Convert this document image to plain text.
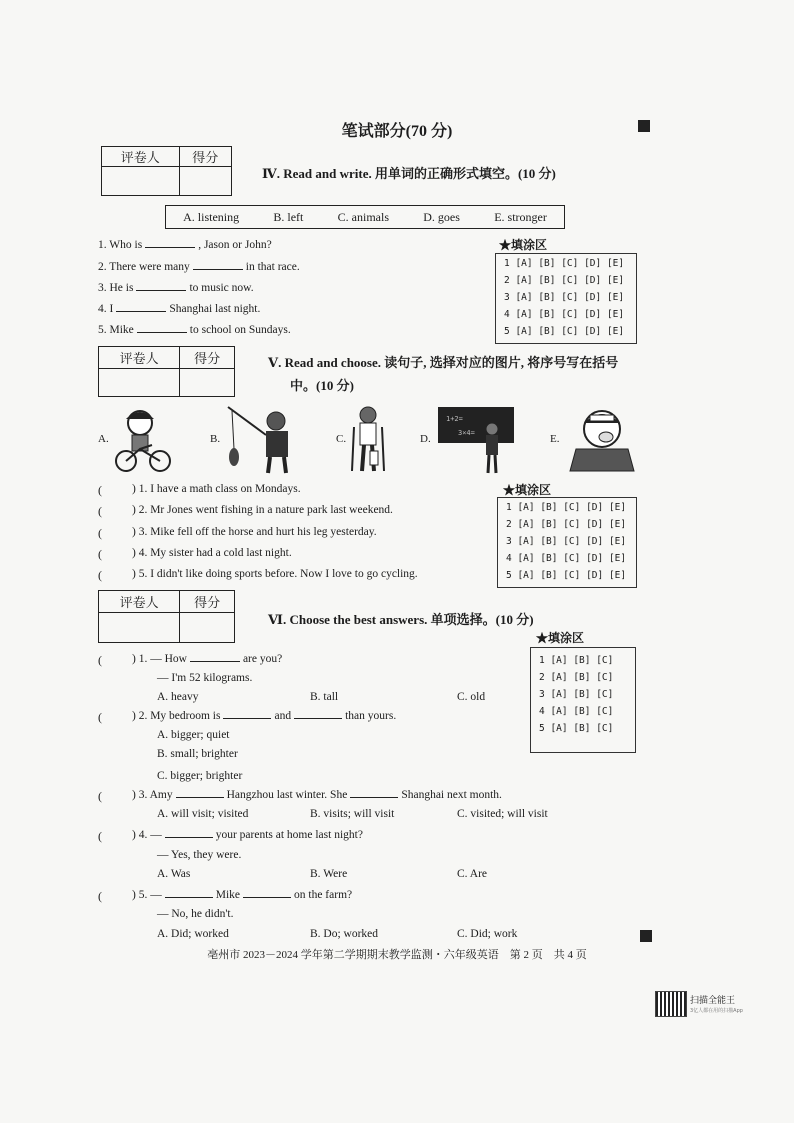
笔试部分(70 分)
评卷人	得分

Ⅳ. Read and write. 用单词的正确形式填空。(10 分)
A. listening	B. left	C. animals	D. goes	E. stronger
1. Who is	, Jason or John?
2. There were many	in that race.
3. He is	to music now.
4. I	Shanghai last night.
5. Mike	to school on Sundays.
★填涂区
1 [A] [B] [C] [D] [E]
2 [A] [B] [C] [D] [E]
3 [A] [B] [C] [D] [E]
4 [A] [B] [C] [D] [E]
5 [A] [B] [C] [D] [E]
评卷人	得分
		Ⅴ. Read and choose. 读句子, 选择对应的图片, 将序号写在括号
中。(10 分)
A.	B.	C.	D.
1+2=
3×4=	E.
(	) 1. I have a math class on Mondays.
(	) 2. Mr Jones went fishing in a nature park last weekend.
(	) 3. Mike fell off the horse and hurt his leg yesterday.
(	) 4. My sister had a cold last night.
(	) 5. I didn't like doing sports before. Now I love to go cycling.
★填涂区
1 [A] [B] [C] [D] [E]
2 [A] [B] [C] [D] [E]
3 [A] [B] [C] [D] [E]
4 [A] [B] [C] [D] [E]
5 [A] [B] [C] [D] [E]
评卷人	得分

Ⅵ. Choose the best answers. 单项选择。(10 分)
★填涂区
1 [A] [B] [C]
2 [A] [B] [C]
3 [A] [B] [C]
4 [A] [B] [C]
5 [A] [B] [C]
(	) 1. — How	are you?
— I'm 52 kilograms.
A. heavy	B. tall	C. old
(	) 2. My bedroom is	and	than yours.
A. bigger; quiet
B. small; brighter
C. bigger; brighter
(	) 3. Amy	Hangzhou last winter. She	Shanghai next month.
A. will visit; visited	B. visits; will visit	C. visited; will visit
(	) 4. —	your parents at home last night?
— Yes, they were.
A. Was	B. Were	C. Are
(	) 5. —	Mike	on the farm?
— No, he didn't.
A. Did; worked	B. Do; worked	C. Did; work
亳州市 2023－2024 学年第二学期期末教学监测・六年级英语　第 2 页　共 4 页
扫描全能王
3亿人都在用的扫描App
